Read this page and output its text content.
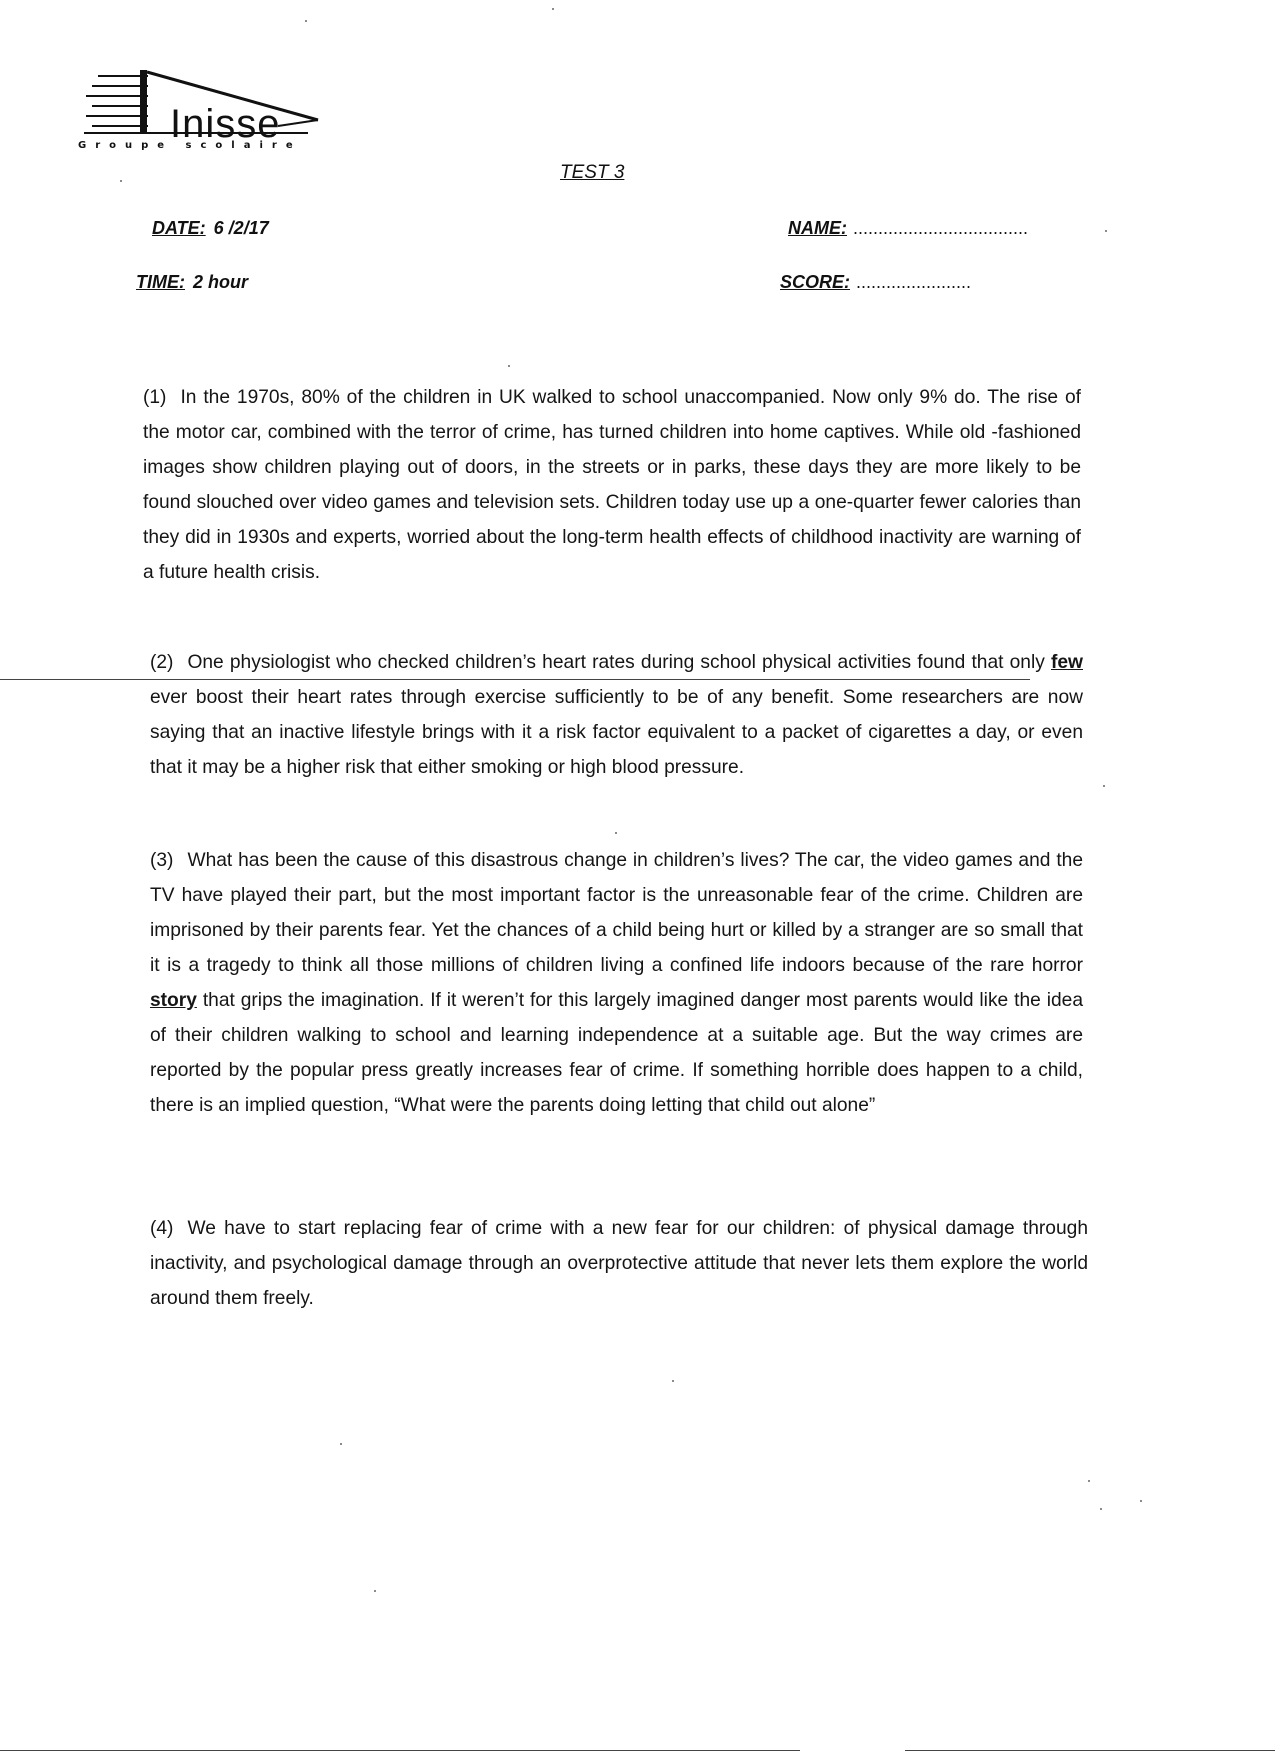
Inisse
Groupe scolaire
TEST 3
DATE: 6 /2/17
TIME: 2 hour
NAME: ...................................
SCORE: .......................
(1) In the 1970s, 80% of the children in UK walked to school unaccompanied. Now only 9% do. The rise of the motor car, combined with the terror of crime, has turned children into home captives. While old -fashioned images show children playing out of doors, in the streets or in parks, these days they are more likely to be found slouched over video games and television sets. Children today use up a one-quarter fewer calories than they did in 1930s and experts, worried about the long-term health effects of childhood inactivity are warning of a future health crisis.
(2) One physiologist who checked children’s heart rates during school physical activities found that only few ever boost their heart rates through exercise sufficiently to be of any benefit. Some researchers are now saying that an inactive lifestyle brings with it a risk factor equivalent to a packet of cigarettes a day, or even that it may be a higher risk that either smoking or high blood pressure.
(3) What has been the cause of this disastrous change in children’s lives? The car, the video games and the TV have played their part, but the most important factor is the unreasonable fear of the crime. Children are imprisoned by their parents fear. Yet the chances of a child being hurt or killed by a stranger are so small that it is a tragedy to think all those millions of children living a confined life indoors because of the rare horror story that grips the imagination. If it weren’t for this largely imagined danger most parents would like the idea of their children walking to school and learning independence at a suitable age. But the way crimes are reported by the popular press greatly increases fear of crime. If something horrible does happen to a child, there is an implied question, “What were the parents doing letting that child out alone”
(4) We have to start replacing fear of crime with a new fear for our children: of physical damage through inactivity, and psychological damage through an overprotective attitude that never lets them explore the world around them freely.
